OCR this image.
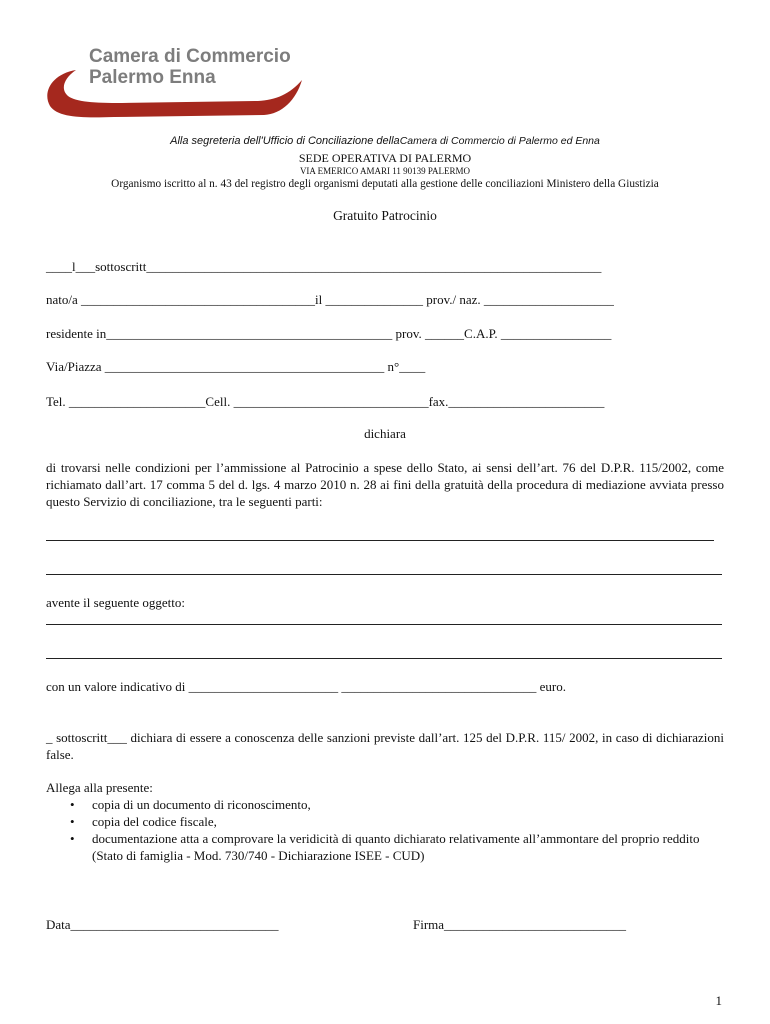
Camera di Commercio
Palermo Enna
Alla segreteria dell'Ufficio di Conciliazione dellaCamera di Commercio di Palermo ed Enna
SEDE OPERATIVA DI PALERMO
VIA EMERICO AMARI 11 90139 PALERMO
Organismo iscritto al n. 43 del registro degli organismi deputati alla gestione delle conciliazioni Ministero della Giustizia
Gratuito Patrocinio
____l___sottoscritt______________________________________________________________________
nato/a ____________________________________il _______________ prov./ naz. ____________________
residente in____________________________________________ prov. ______C.A.P. _________________
Via/Piazza ___________________________________________ n°____
Tel. _____________________Cell. ______________________________fax.________________________
dichiara
di trovarsi nelle condizioni per l’ammissione al Patrocinio a spese dello Stato, ai sensi dell’art. 76 del D.P.R. 115/2002, come richiamato dall’art. 17 comma 5 del d. lgs. 4 marzo 2010 n. 28 ai fini della gratuità della procedura di mediazione avviata presso questo Servizio di conciliazione, tra le seguenti parti:
avente il seguente oggetto:
con un valore indicativo di _______________________ ______________________________ euro.
_ sottoscritt___ dichiara di essere a conoscenza delle sanzioni previste dall’art. 125 del D.P.R. 115/ 2002, in caso di dichiarazioni false.
Allega alla presente:
• copia di un documento di riconoscimento,
• copia del codice fiscale,
• documentazione atta a comprovare la veridicità di quanto dichiarato relativamente all’ammontare del proprio reddito (Stato di famiglia - Mod. 730/740 - Dichiarazione ISEE - CUD)
Data________________________________	Firma____________________________
1
